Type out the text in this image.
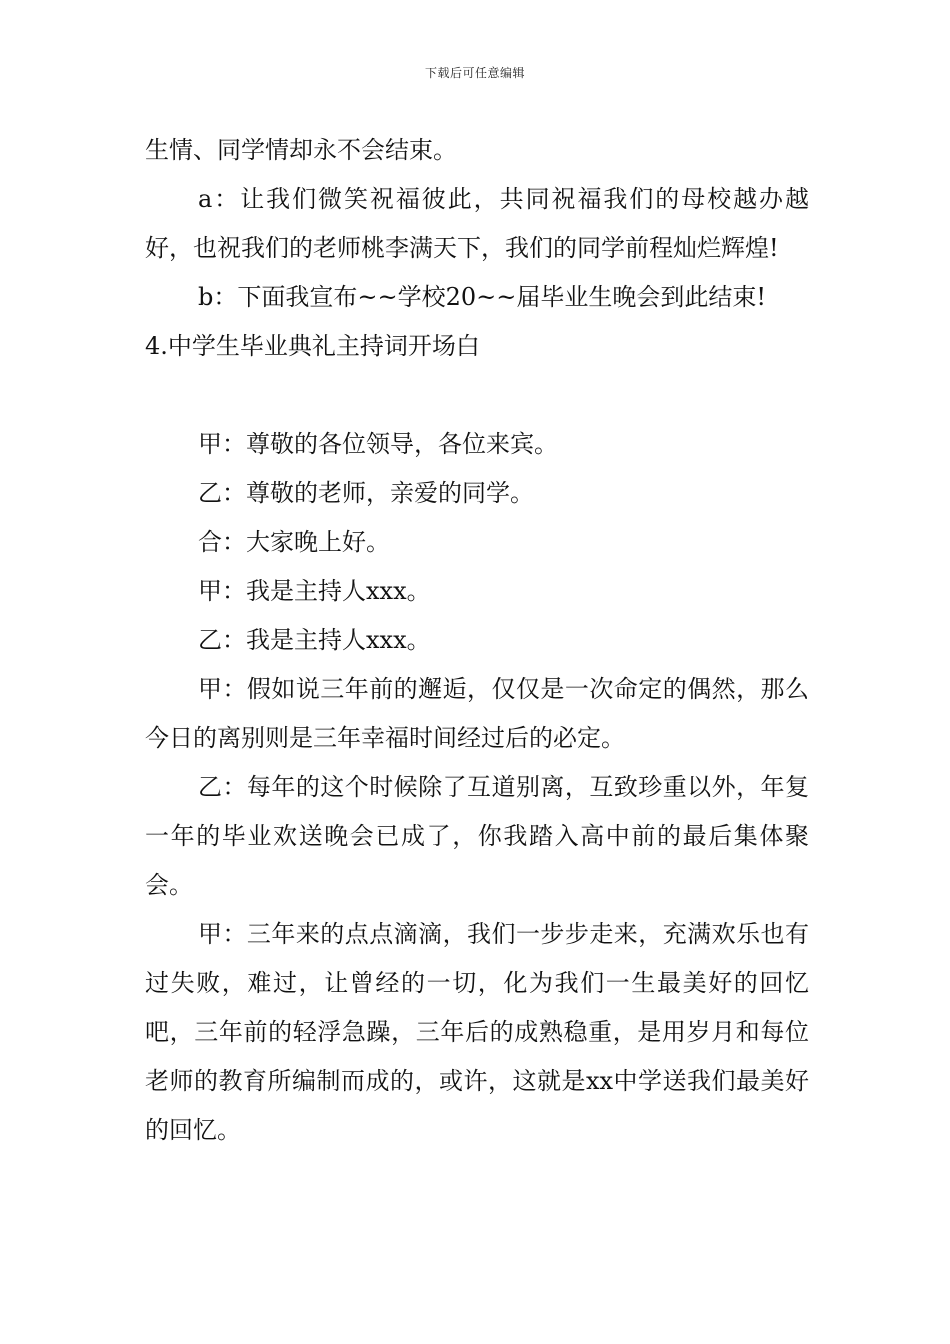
下载后可任意编辑

生情、同学情却永不会结束。

a：让我们微笑祝福彼此，共同祝福我们的母校越办越好，也祝我们的老师桃李满天下，我们的同学前程灿烂辉煌!

b：下面我宣布~~学校20~~届毕业生晚会到此结束!

4.中学生毕业典礼主持词开场白

甲：尊敬的各位领导，各位来宾。

乙：尊敬的老师，亲爱的同学。

合：大家晚上好。

甲：我是主持人xxx。

乙：我是主持人xxx。

甲：假如说三年前的邂逅，仅仅是一次命定的偶然，那么今日的离别则是三年幸福时间经过后的必定。

乙：每年的这个时候除了互道别离，互致珍重以外，年复一年的毕业欢送晚会已成了，你我踏入高中前的最后集体聚会。

甲：三年来的点点滴滴，我们一步步走来，充满欢乐也有过失败，难过，让曾经的一切，化为我们一生最美好的回忆吧，三年前的轻浮急躁，三年后的成熟稳重，是用岁月和每位老师的教育所编制而成的，或许，这就是xx中学送我们最美好的回忆。
